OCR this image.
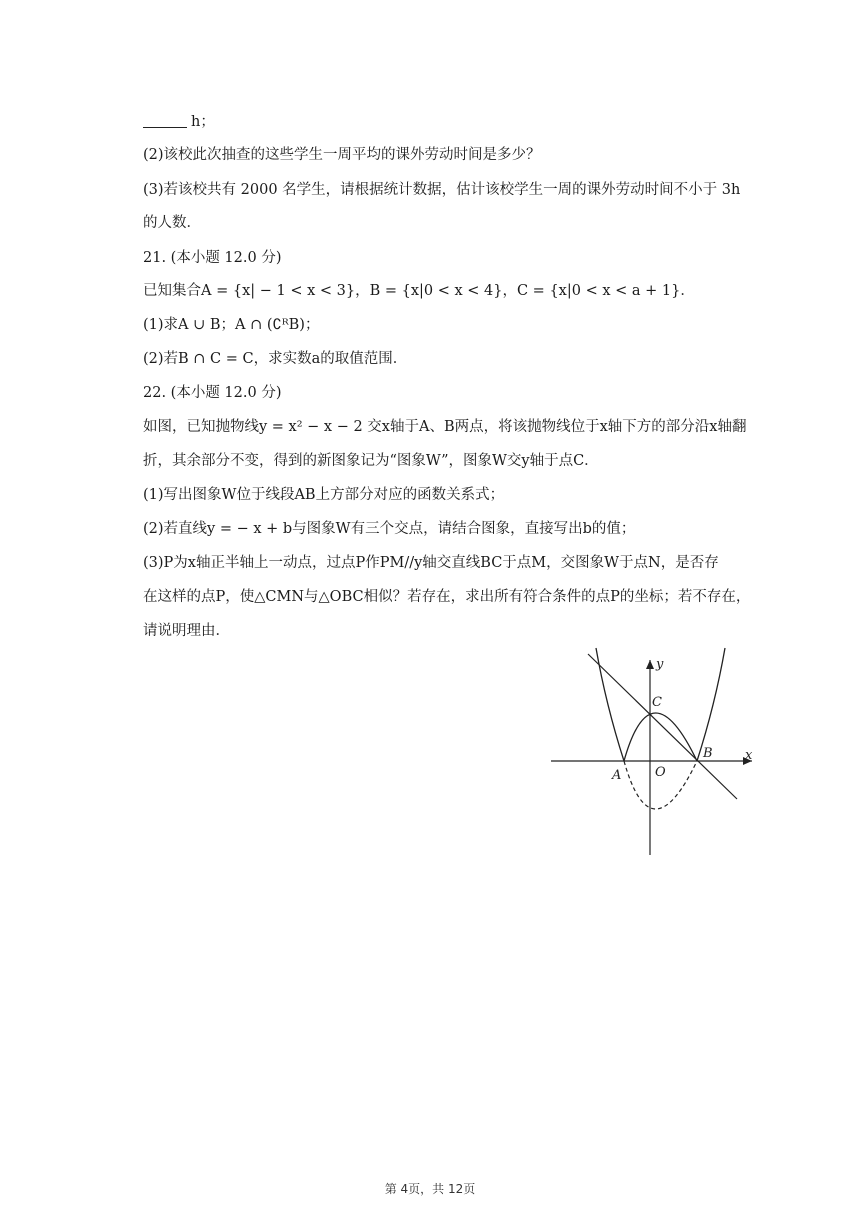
h；
(2)该校此次抽查的这些学生一周平均的课外劳动时间是多少？
(3)若该校共有 2000 名学生，请根据统计数据，估计该校学生一周的课外劳动时间不小于 3h
的人数．
21. (本小题 12.0 分)
已知集合A = {x| − 1 < x < 3}，B = {x|0 < x < 4}，C = {x|0 < x < a + 1}．
(1)求A ∪ B；A ∩ (∁ᴿB)；
(2)若B ∩ C = C，求实数a的取值范围．
22. (本小题 12.0 分)
如图，已知抛物线y = x² − x − 2 交x轴于A、B两点，将该抛物线位于x轴下方的部分沿x轴翻
折，其余部分不变，得到的新图象记为“图象W”，图象W交y轴于点C．
(1)写出图象W位于线段AB上方部分对应的函数关系式；
(2)若直线y = − x + b与图象W有三个交点，请结合图象，直接写出b的值；
(3)P为x轴正半轴上一动点，过点P作PM//y轴交直线BC于点M，交图象W于点N，是否存
在这样的点P，使△CMN与△OBC相似？若存在，求出所有符合条件的点P的坐标；若不存在，
请说明理由．
y
x
C
A	O
B
第 4页，共 12页
